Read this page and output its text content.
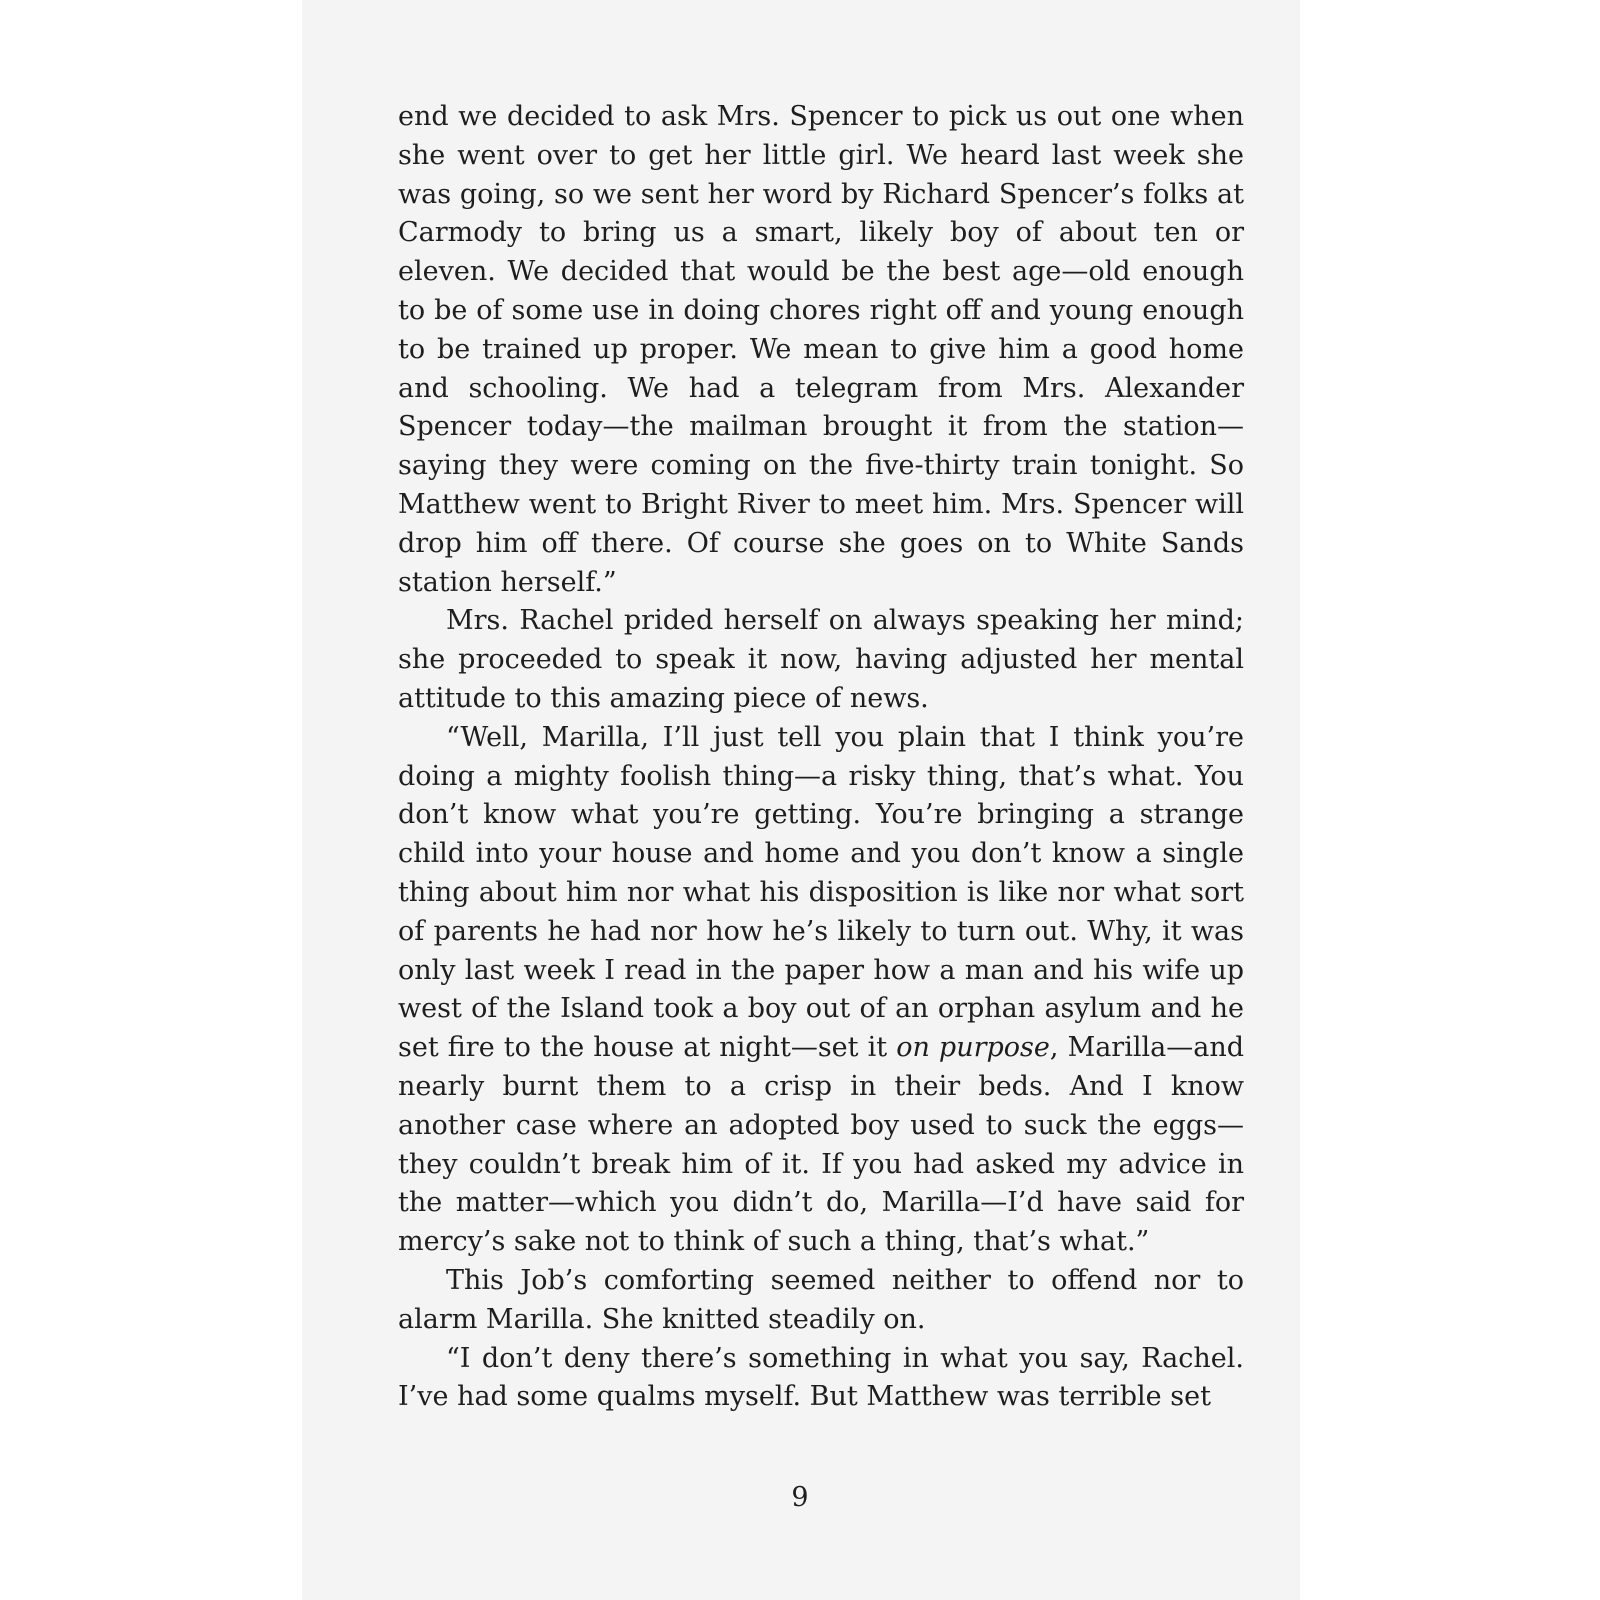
end we decided to ask Mrs. Spencer to pick us out one when she went over to get her little girl. We heard last week she was going, so we sent her word by Richard Spencer’s folks at Carmody to bring us a smart, likely boy of about ten or eleven. We decided that would be the best age—old enough to be of some use in doing chores right off and young enough to be trained up proper. We mean to give him a good home and schooling. We had a telegram from Mrs. Alexander Spencer today—the mailman brought it from the station—saying they were coming on the five-thirty train tonight. So Matthew went to Bright River to meet him. Mrs. Spencer will drop him off there. Of course she goes on to White Sands station herself.”

Mrs. Rachel prided herself on always speaking her mind; she proceeded to speak it now, having adjusted her mental attitude to this amazing piece of news.

“Well, Marilla, I’ll just tell you plain that I think you’re doing a mighty foolish thing—a risky thing, that’s what. You don’t know what you’re getting. You’re bringing a strange child into your house and home and you don’t know a single thing about him nor what his disposition is like nor what sort of parents he had nor how he’s likely to turn out. Why, it was only last week I read in the paper how a man and his wife up west of the Island took a boy out of an orphan asylum and he set fire to the house at night—set it on purpose, Marilla—and nearly burnt them to a crisp in their beds. And I know another case where an adopted boy used to suck the eggs—they couldn’t break him of it. If you had asked my advice in the matter—which you didn’t do, Marilla—I’d have said for mercy’s sake not to think of such a thing, that’s what.”

This Job’s comforting seemed neither to offend nor to alarm Marilla. She knitted steadily on.

“I don’t deny there’s something in what you say, Rachel. I’ve had some qualms myself. But Matthew was terrible set

9
